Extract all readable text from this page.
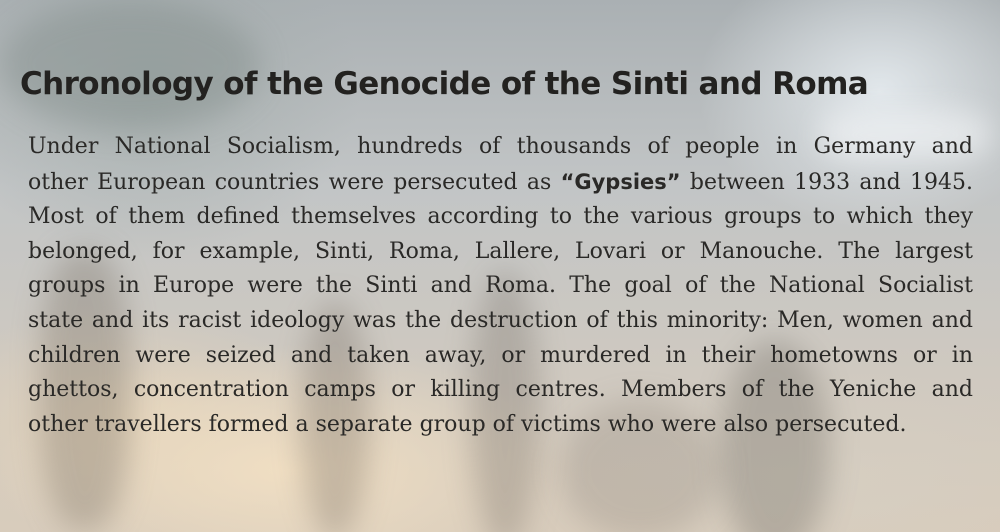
Chronology of the Genocide of the Sinti and Roma

Under National Socialism, hundreds of thousands of people in Germany and
other European countries were persecuted as “Gypsies” between 1933 and 1945.
Most of them defined themselves according to the various groups to which they
belonged, for example, Sinti, Roma, Lallere, Lovari or Manouche. The largest
groups in Europe were the Sinti and Roma. The goal of the National Socialist
state and its racist ideology was the destruction of this minority: Men, women and
children were seized and taken away, or murdered in their hometowns or in
ghettos, concentration camps or killing centres. Members of the Yeniche and
other travellers formed a separate group of victims who were also persecuted.
